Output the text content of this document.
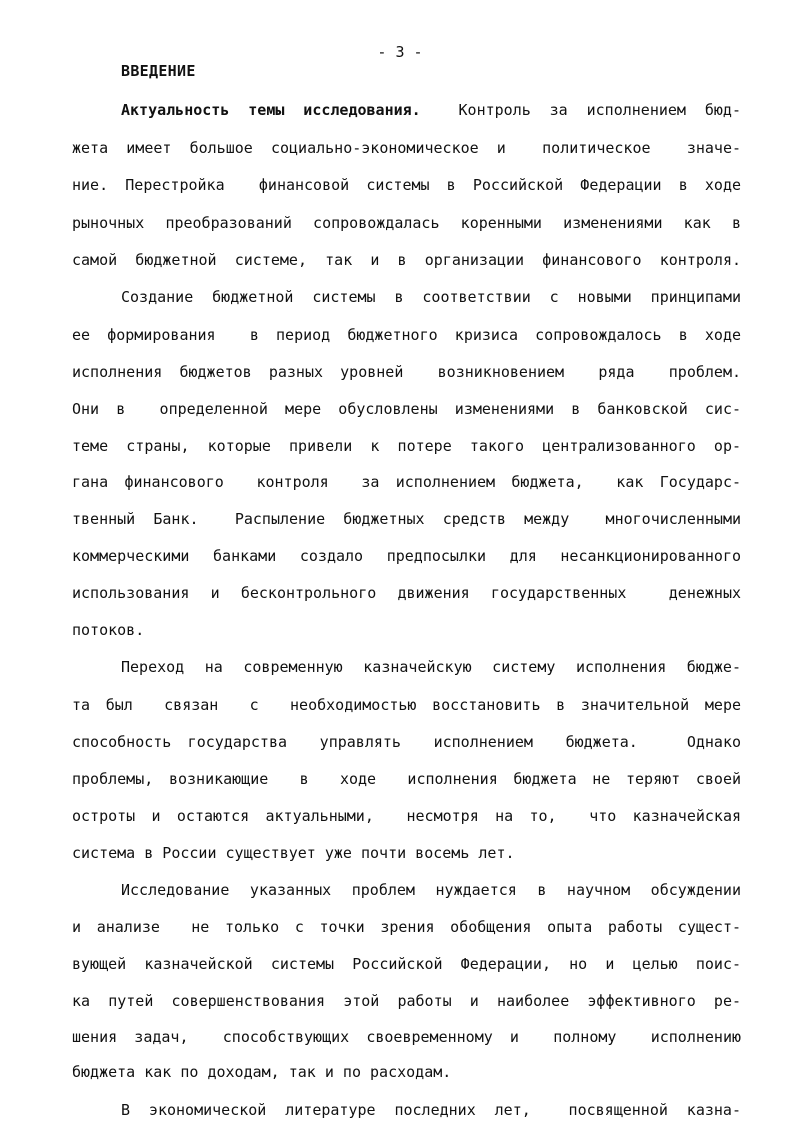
- 3 -
ВВЕДЕНИЕ
Актуальность темы исследования.  Контроль за исполнением бюд-
жета имеет большое социально-экономическое и  политическое  значе-
ние. Перестройка  финансовой системы в Российской Федерации в ходе
рыночных преобразований сопровождалась коренными изменениями как в
самой бюджетной системе, так и в организации финансового контроля.
Создание бюджетной системы в соответствии с новыми принципами
ее формирования  в период бюджетного кризиса сопровождалось в ходе
исполнения бюджетов разных уровней  возникновением  ряда  проблем.
Они в  определенной мере обусловлены изменениями в банковской сис-
теме страны, которые привели к потере такого централизованного ор-
гана финансового  контроля  за исполнением бюджета,  как Государс-
твенный Банк.  Распыление бюджетных средств между  многочисленными
коммерческими банками создало предпосылки для несанкционированного
использования и бесконтрольного движения государственных  денежных
потоков.
Переход на современную казначейскую систему исполнения бюдже-
та был  связан  с  необходимостью восстановить в значительной мере
способность государства  управлять  исполнением  бюджета.   Однако
проблемы, возникающие  в  ходе  исполнения бюджета не теряют своей
остроты и остаются актуальными,  несмотря на то,  что казначейская
система в России существует уже почти восемь лет.
Исследование указанных проблем нуждается в научном обсуждении
и анализе  не только с точки зрения обобщения опыта работы сущест-
вующей казначейской системы Российской Федерации, но и целью поис-
ка путей совершенствования этой работы и наиболее эффективного ре-
шения задач,  способствующих своевременному и  полному  исполнению
бюджета как по доходам, так и по расходам.
В экономической литературе последних лет,  посвященной казна-
